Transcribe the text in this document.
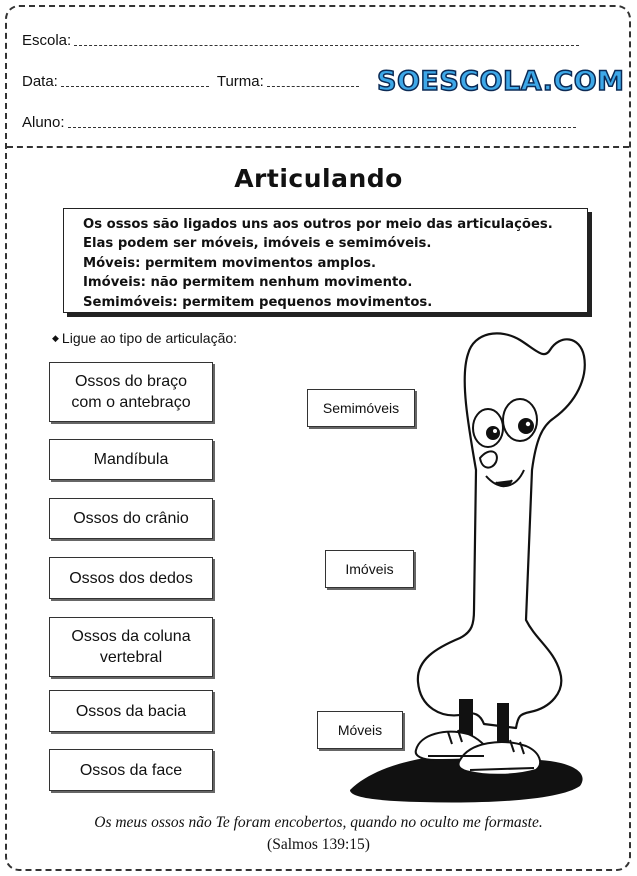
Escola:
Data:	Turma:	SOESCOLA.COM
Aluno:
Articulando
Os ossos são ligados uns aos outros por meio das articulações.
Elas podem ser móveis, imóveis e semimóveis.
Móveis: permitem movimentos amplos.
Imóveis: não permitem nenhum movimento.
Semimóveis: permitem pequenos movimentos.
◆ Ligue ao tipo de articulação:
Ossos do braço
com o antebraço
Mandíbula
Ossos do crânio
Ossos dos dedos
Ossos da coluna
vertebral
Ossos da bacia
Ossos da face
Semimóveis
Imóveis
Móveis
Os meus ossos não Te foram encobertos, quando no oculto me formaste.
(Salmos 139:15)
